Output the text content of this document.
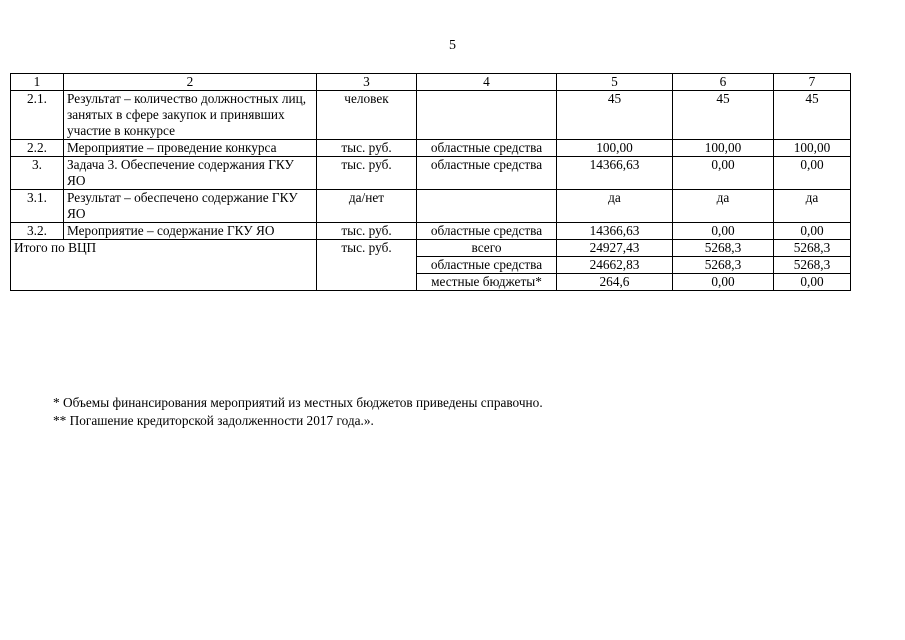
5
1	2	3	4	5	6	7
2.1.	Результат – количество должностных лиц, занятых в сфере закупок и принявших участие в конкурсе	человек		45	45	45
2.2.	Мероприятие – проведение конкурса	тыс. руб.	областные средства	100,00	100,00	100,00
3.	Задача 3. Обеспечение содержания ГКУ ЯО	тыс. руб.	областные средства	14366,63	0,00	0,00
3.1.	Результат – обеспечено содержание ГКУ ЯО	да/нет		да	да	да
3.2.	Мероприятие – содержание ГКУ ЯО	тыс. руб.	областные средства	14366,63	0,00	0,00
Итого по ВЦП		тыс. руб.	всего	24927,43	5268,3	5268,3
			областные средства	24662,83	5268,3	5268,3
			местные бюджеты*	264,6	0,00	0,00

* Объемы финансирования мероприятий из местных бюджетов приведены справочно.

** Погашение кредиторской задолженности 2017 года.».
